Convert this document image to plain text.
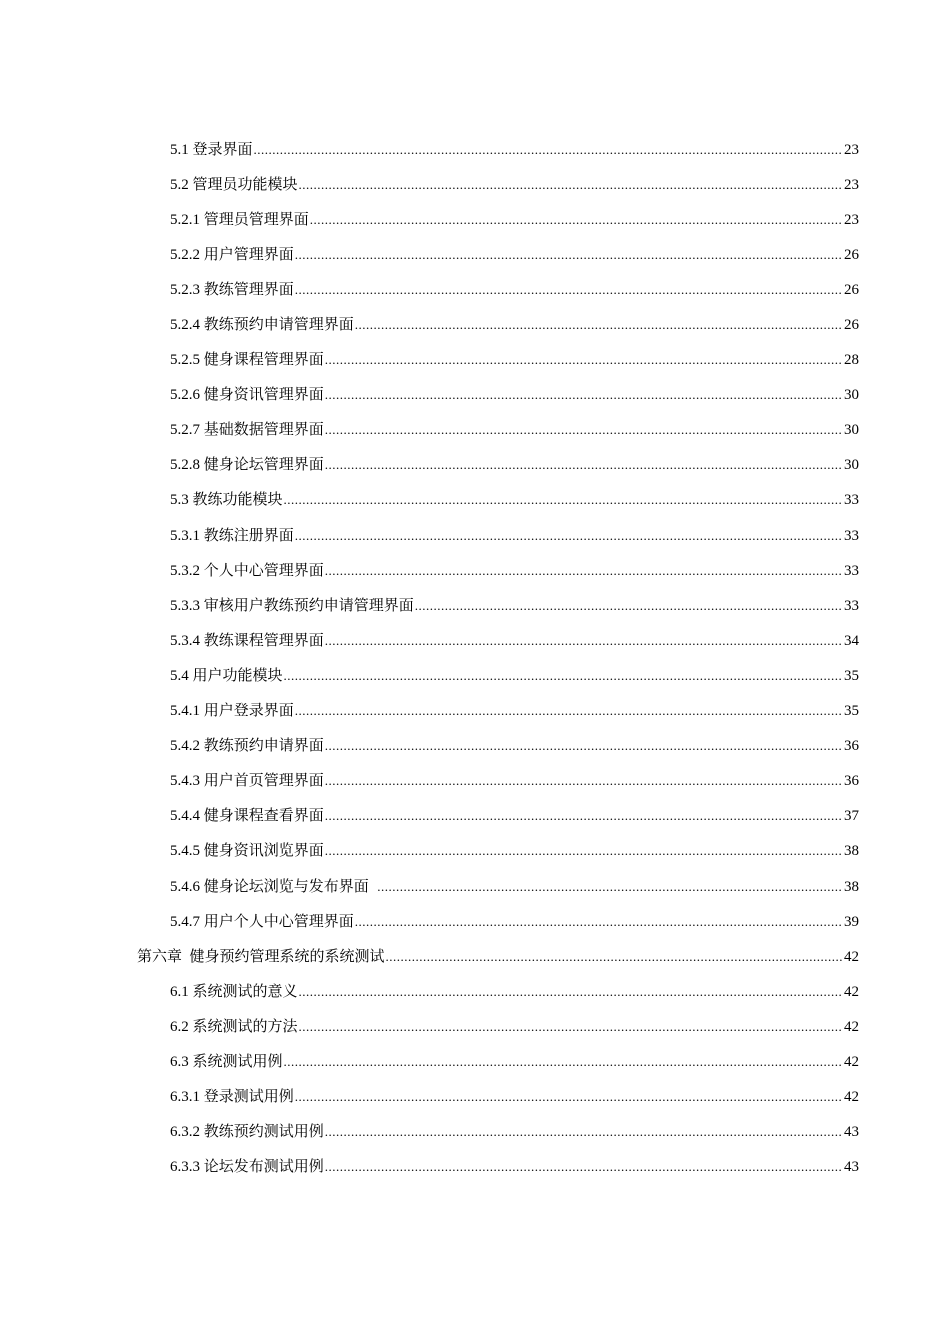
5.1 登录界面 .....	23
5.2 管理员功能模块 .....	23
5.2.1 管理员管理界面 .....	23
5.2.2 用户管理界面 .....	26
5.2.3 教练管理界面 .....	26
5.2.4 教练预约申请管理界面 .....	26
5.2.5 健身课程管理界面 .....	28
5.2.6 健身资讯管理界面 .....	30
5.2.7 基础数据管理界面 .....	30
5.2.8 健身论坛管理界面 .....	30
5.3 教练功能模块 .....	33
5.3.1 教练注册界面 .....	33
5.3.2 个人中心管理界面 .....	33
5.3.3 审核用户教练预约申请管理界面 .....	33
5.3.4 教练课程管理界面 .....	34
5.4 用户功能模块 .....	35
5.4.1 用户登录界面 .....	35
5.4.2 教练预约申请界面 .....	36
5.4.3 用户首页管理界面 .....	36
5.4.4 健身课程查看界面 .....	37
5.4.5 健身资讯浏览界面 .....	38
5.4.6 健身论坛浏览与发布界面 .....	38
5.4.7 用户个人中心管理界面 .....	39
第六章  健身预约管理系统的系统测试 .....	42
6.1 系统测试的意义 .....	42
6.2 系统测试的方法 .....	42
6.3 系统测试用例 .....	42
6.3.1 登录测试用例 .....	42
6.3.2 教练预约测试用例 .....	43
6.3.3 论坛发布测试用例 .....	43
